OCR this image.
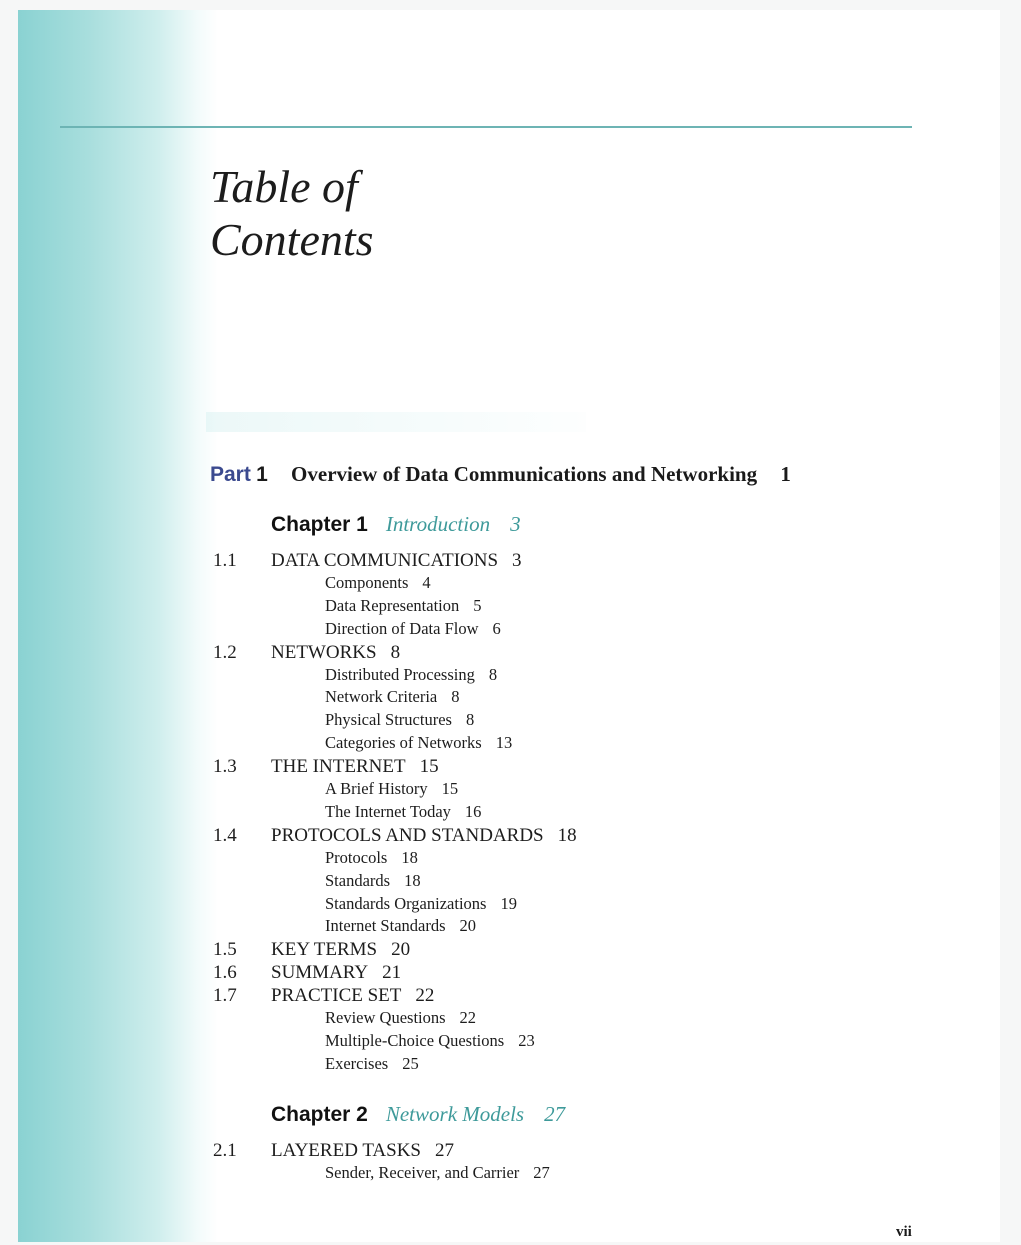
Table of
Contents
Part 1 Overview of Data Communications and Networking 1
Chapter 1 Introduction 3
1.1 DATA COMMUNICATIONS 3
Components 4
Data Representation 5
Direction of Data Flow 6
1.2 NETWORKS 8
Distributed Processing 8
Network Criteria 8
Physical Structures 8
Categories of Networks 13
1.3 THE INTERNET 15
A Brief History 15
The Internet Today 16
1.4 PROTOCOLS AND STANDARDS 18
Protocols 18
Standards 18
Standards Organizations 19
Internet Standards 20
1.5 KEY TERMS 20
1.6 SUMMARY 21
1.7 PRACTICE SET 22
Review Questions 22
Multiple-Choice Questions 23
Exercises 25
Chapter 2 Network Models 27
2.1 LAYERED TASKS 27
Sender, Receiver, and Carrier 27
vii
